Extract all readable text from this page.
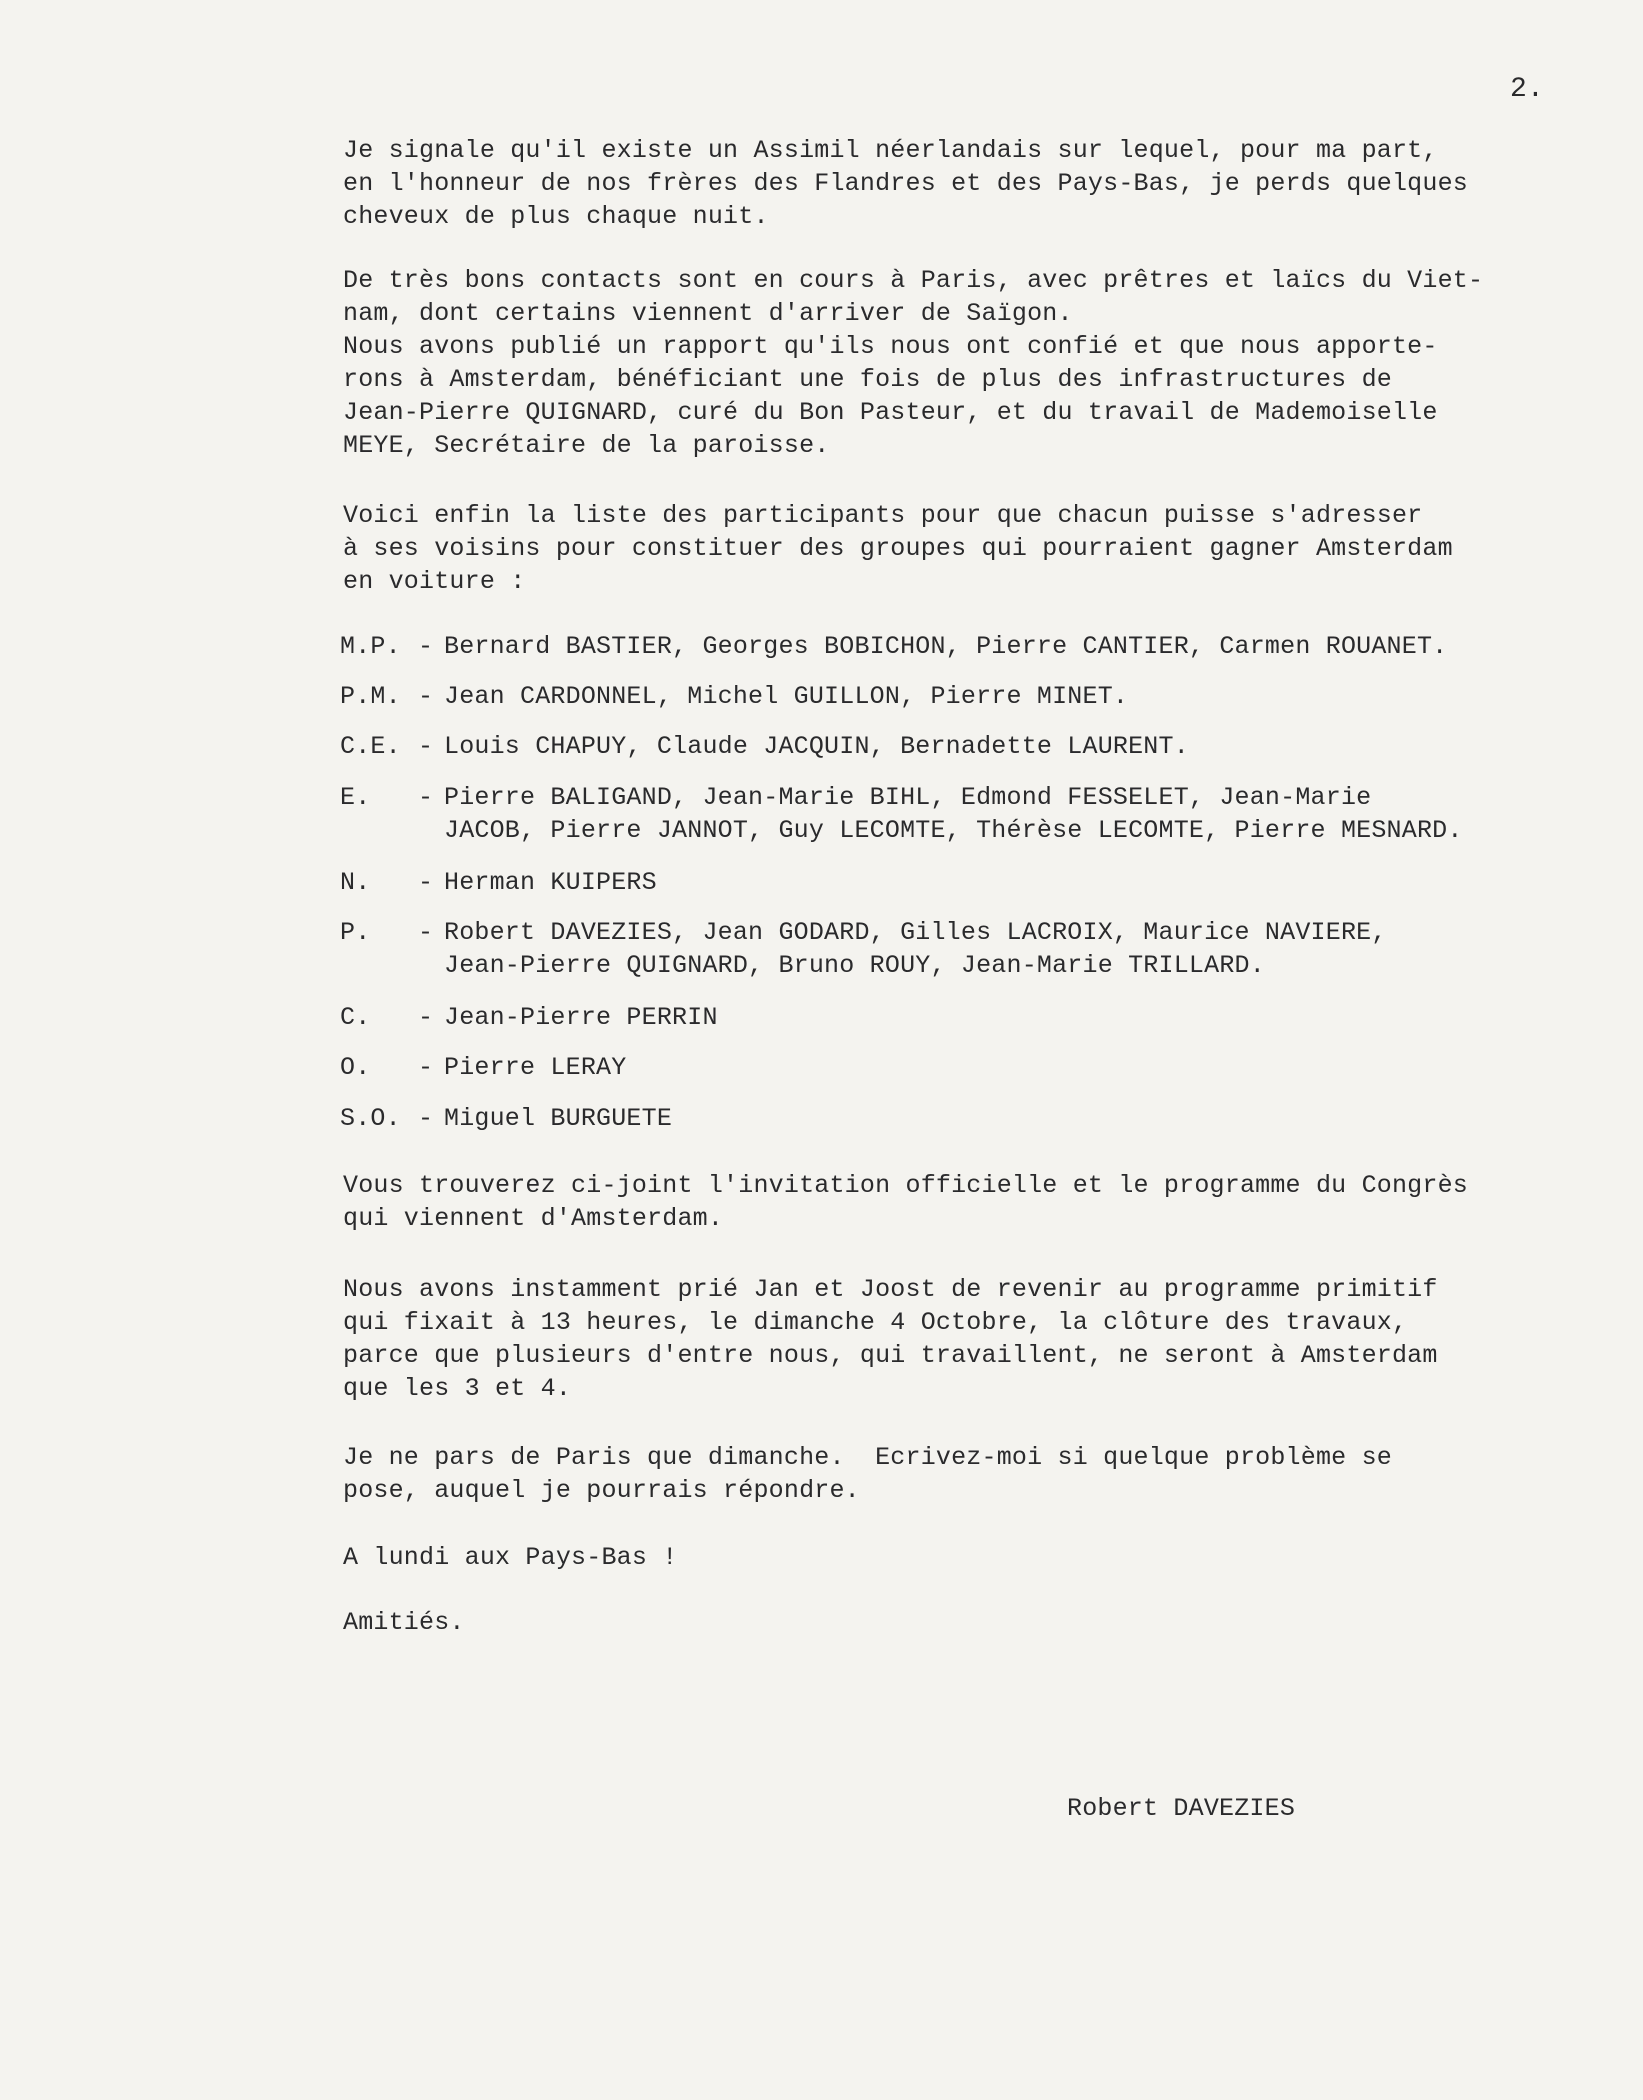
2.
Je signale qu'il existe un Assimil néerlandais sur lequel, pour ma part,
en l'honneur de nos frères des Flandres et des Pays-Bas, je perds quelques
cheveux de plus chaque nuit.
De très bons contacts sont en cours à Paris, avec prêtres et laïcs du Viet-
nam, dont certains viennent d'arriver de Saïgon.
Nous avons publié un rapport qu'ils nous ont confié et que nous apporte-
rons à Amsterdam, bénéficiant une fois de plus des infrastructures de
Jean-Pierre QUIGNARD, curé du Bon Pasteur, et du travail de Mademoiselle
MEYE, Secrétaire de la paroisse.
Voici enfin la liste des participants pour que chacun puisse s'adresser
à ses voisins pour constituer des groupes qui pourraient gagner Amsterdam
en voiture :
M.P. - Bernard BASTIER, Georges BOBICHON, Pierre CANTIER, Carmen ROUANET.
P.M. - Jean CARDONNEL, Michel GUILLON, Pierre MINET.
C.E. - Louis CHAPUY, Claude JACQUIN, Bernadette LAURENT.
E.	- Pierre BALIGAND, Jean-Marie BIHL, Edmond FESSELET, Jean-Marie
JACOB, Pierre JANNOT, Guy LECOMTE, Thérèse LECOMTE, Pierre MESNARD.
N.	- Herman KUIPERS
P.	- Robert DAVEZIES, Jean GODARD, Gilles LACROIX, Maurice NAVIERE,
Jean-Pierre QUIGNARD, Bruno ROUY, Jean-Marie TRILLARD.
C.	- Jean-Pierre PERRIN
O.	- Pierre LERAY
S.O. - Miguel BURGUETE
Vous trouverez ci-joint l'invitation officielle et le programme du Congrès
qui viennent d'Amsterdam.
Nous avons instamment prié Jan et Joost de revenir au programme primitif
qui fixait à 13 heures, le dimanche 4 Octobre, la clôture des travaux,
parce que plusieurs d'entre nous, qui travaillent, ne seront à Amsterdam
que les 3 et 4.
Je ne pars de Paris que dimanche.  Ecrivez-moi si quelque problème se
pose, auquel je pourrais répondre.
A lundi aux Pays-Bas !
Amitiés.
Robert DAVEZIES
